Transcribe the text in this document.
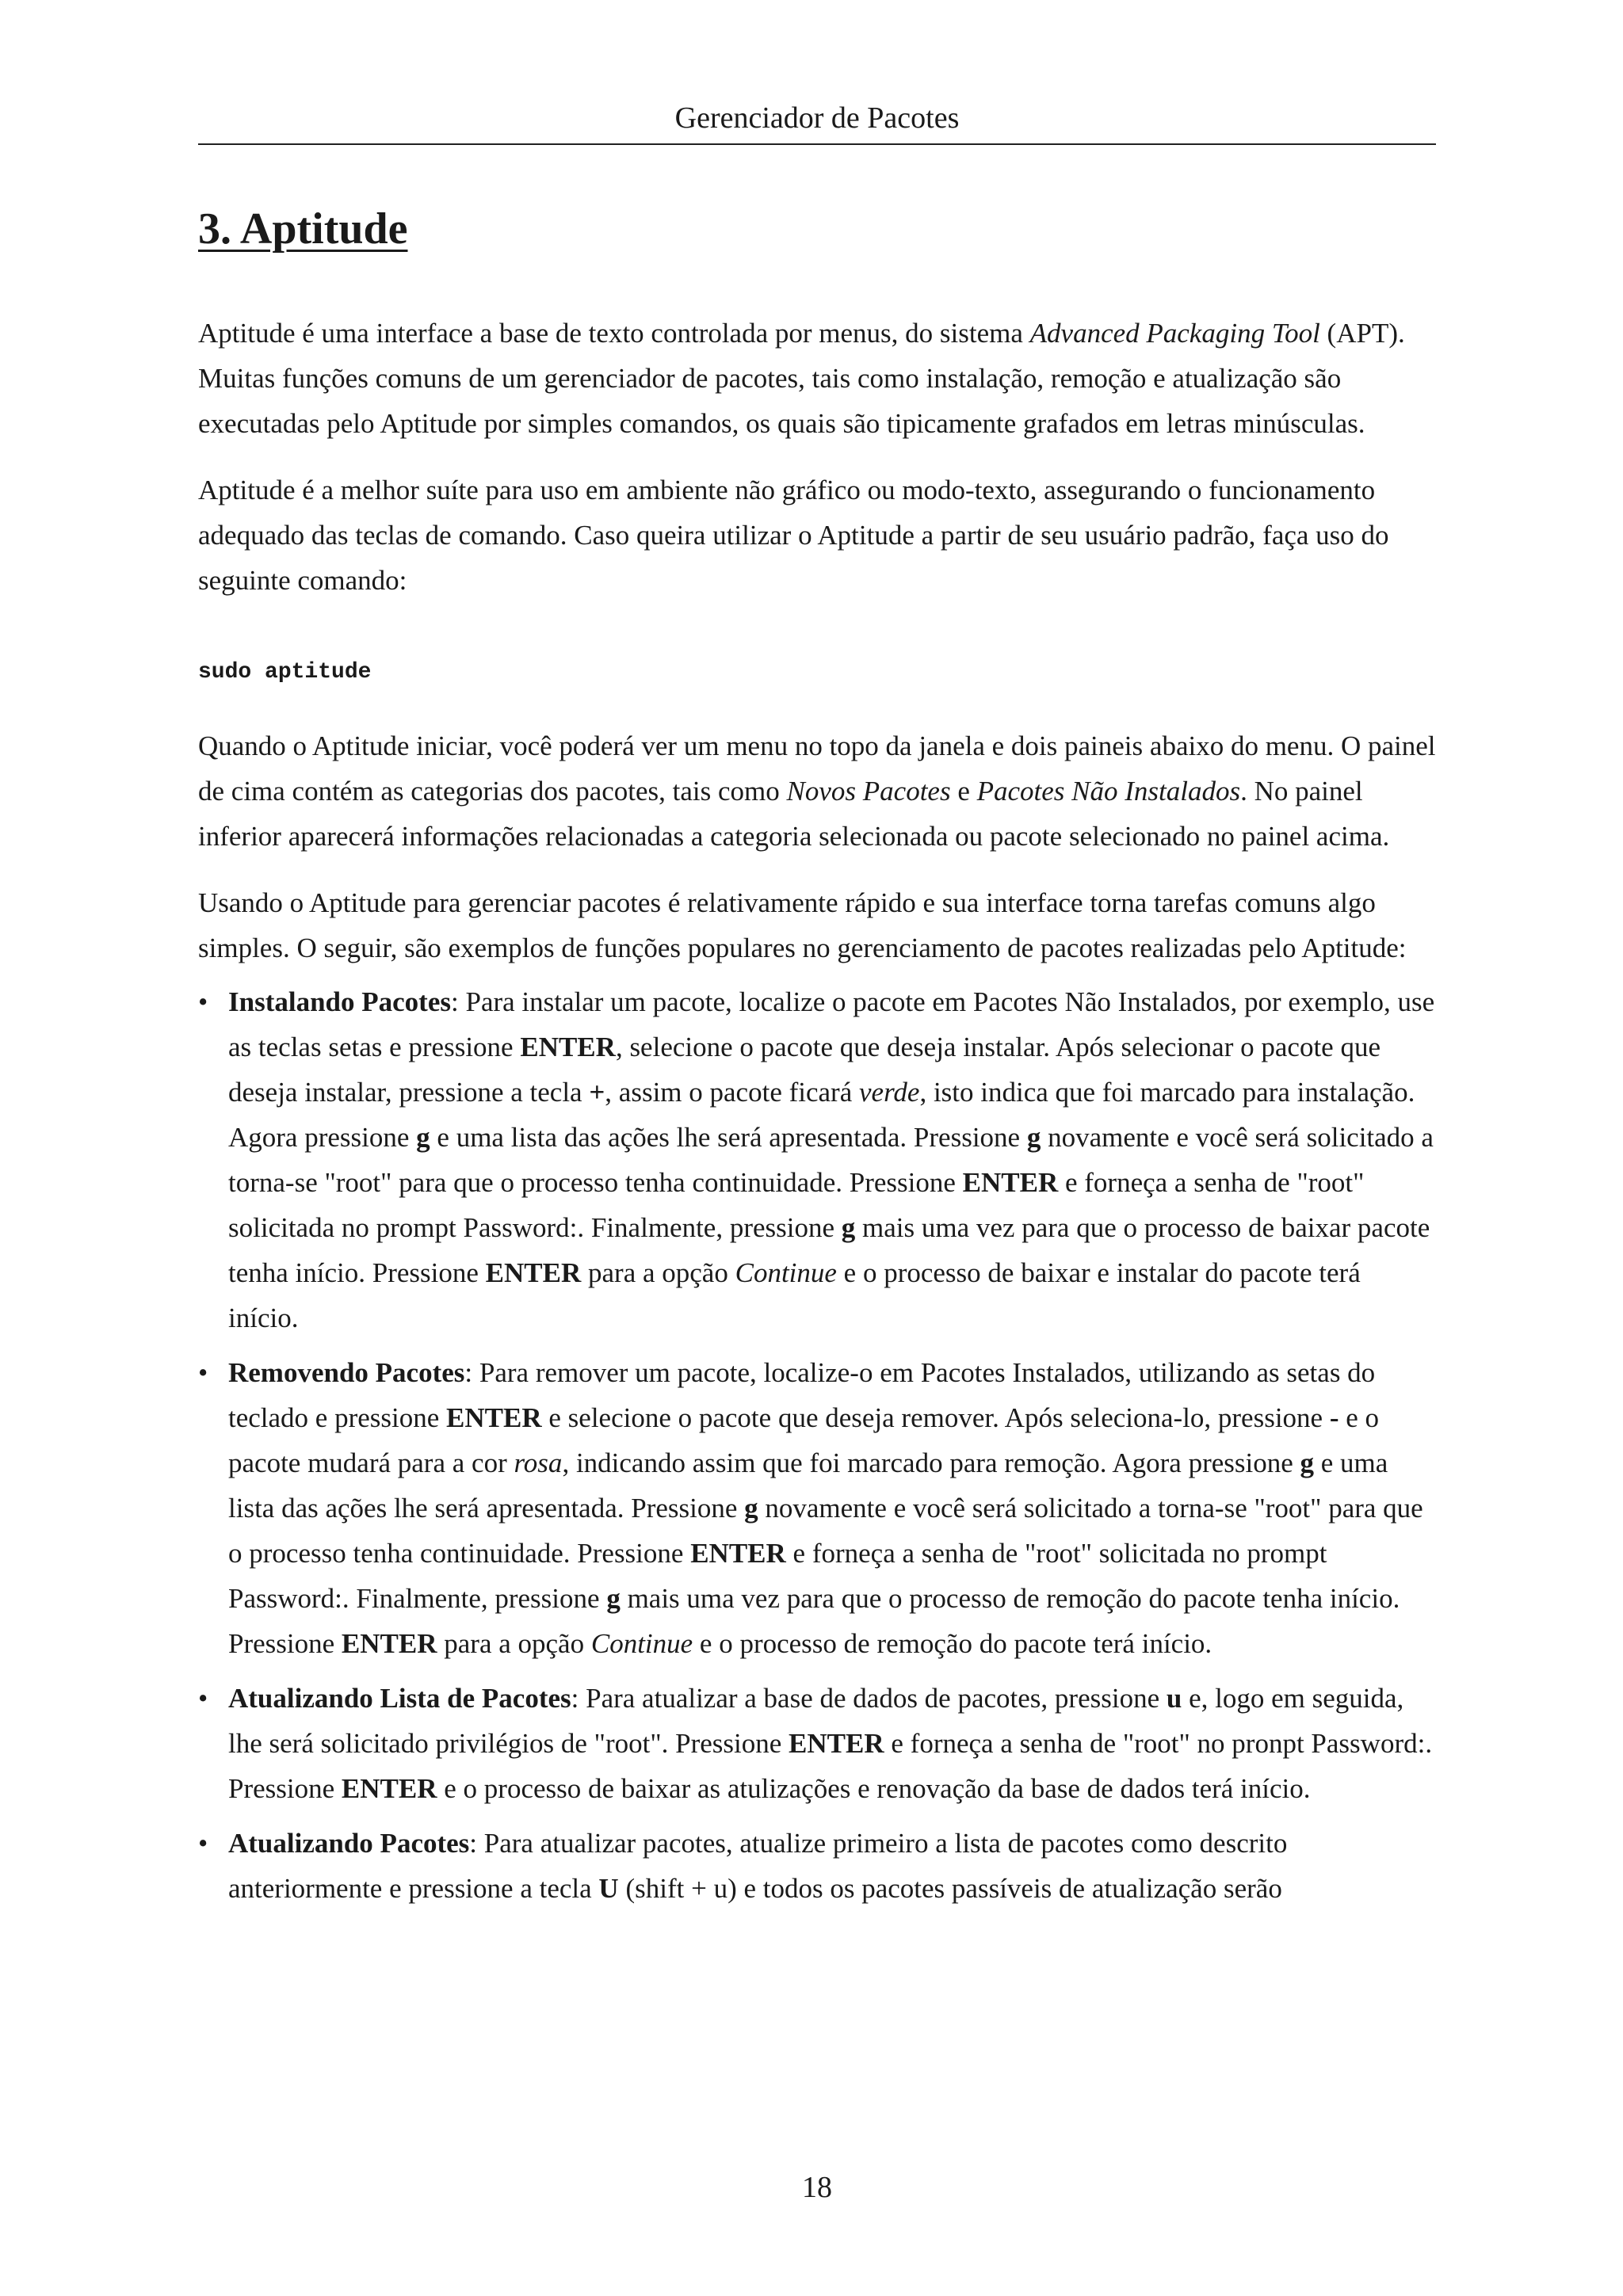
Gerenciador de Pacotes
3. Aptitude

Aptitude é uma interface a base de texto controlada por menus, do sistema Advanced Packaging Tool (APT). Muitas funções comuns de um gerenciador de pacotes, tais como instalação, remoção e atualização são executadas pelo Aptitude por simples comandos, os quais são tipicamente grafados em letras minúsculas.

Aptitude é a melhor suíte para uso em ambiente não gráfico ou modo-texto, assegurando o funcionamento adequado das teclas de comando. Caso queira utilizar o Aptitude a partir de seu usuário padrão, faça uso do seguinte comando:

sudo aptitude

Quando o Aptitude iniciar, você poderá ver um menu no topo da janela e dois paineis abaixo do menu. O painel de cima contém as categorias dos pacotes, tais como Novos Pacotes e Pacotes Não Instalados. No painel inferior aparecerá informações relacionadas a categoria selecionada ou pacote selecionado no painel acima.

Usando o Aptitude para gerenciar pacotes é relativamente rápido e sua interface torna tarefas comuns algo simples. O seguir, são exemplos de funções populares no gerenciamento de pacotes realizadas pelo Aptitude:

• Instalando Pacotes: Para instalar um pacote, localize o pacote em Pacotes Não Instalados, por exemplo, use as teclas setas e pressione ENTER, selecione o pacote que deseja instalar. Após selecionar o pacote que deseja instalar, pressione a tecla +, assim o pacote ficará verde, isto indica que foi marcado para instalação. Agora pressione g e uma lista das ações lhe será apresentada. Pressione g novamente e você será solicitado a torna-se "root" para que o processo tenha continuidade. Pressione ENTER e forneça a senha de "root" solicitada no prompt Password:. Finalmente, pressione g mais uma vez para que o processo de baixar pacote tenha início. Pressione ENTER para a opção Continue e o processo de baixar e instalar do pacote terá início.
• Removendo Pacotes: Para remover um pacote, localize-o em Pacotes Instalados, utilizando as setas do teclado e pressione ENTER e selecione o pacote que deseja remover. Após seleciona-lo, pressione - e o pacote mudará para a cor rosa, indicando assim que foi marcado para remoção. Agora pressione g e uma lista das ações lhe será apresentada. Pressione g novamente e você será solicitado a torna-se "root" para que o processo tenha continuidade. Pressione ENTER e forneça a senha de "root" solicitada no prompt Password:. Finalmente, pressione g mais uma vez para que o processo de remoção do pacote tenha início. Pressione ENTER para a opção Continue e o processo de remoção do pacote terá início.
• Atualizando Lista de Pacotes: Para atualizar a base de dados de pacotes, pressione u e, logo em seguida, lhe será solicitado privilégios de "root". Pressione ENTER e forneça a senha de "root" no pronpt Password:. Pressione ENTER e o processo de baixar as atulizações e renovação da base de dados terá início.
• Atualizando Pacotes: Para atualizar pacotes, atualize primeiro a lista de pacotes como descrito anteriormente e pressione a tecla U (shift + u) e todos os pacotes passíveis de atualização serão
18
